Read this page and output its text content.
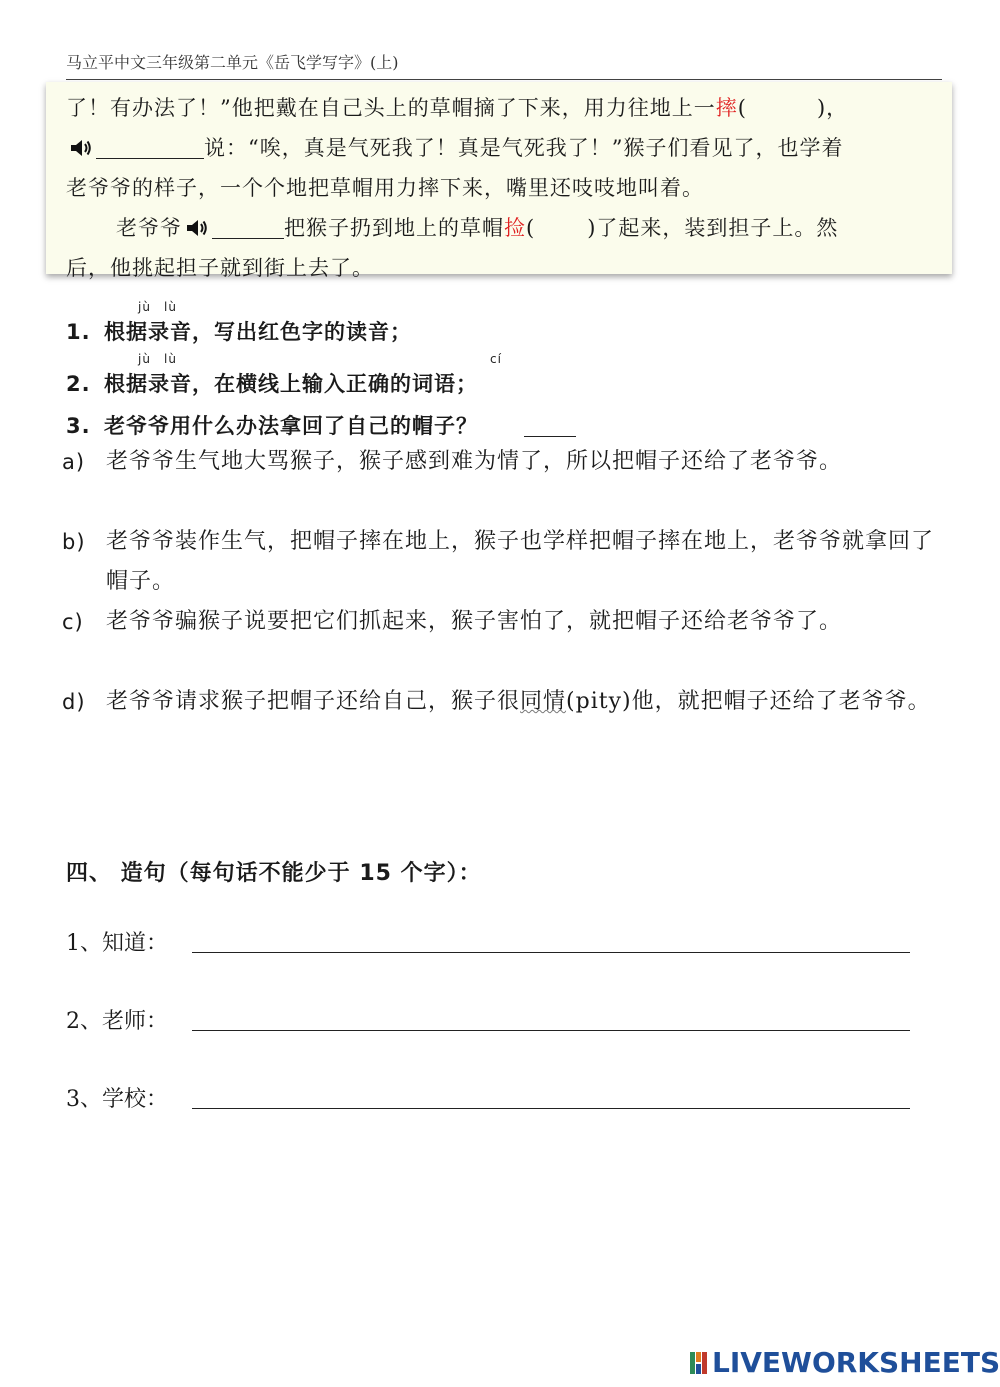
马立平中文三年级第二单元《岳飞学写字》(上)
了！有办法了！”他把戴在自己头上的草帽摘了下来，用力往地上一摔(	)，
说：“唉，真是气死我了！真是气死我了！”猴子们看见了，也学着
老爷爷的样子，一个个地把草帽用力摔下来，嘴里还吱吱地叫着。
老爷爷	把猴子扔到地上的草帽捡( )了起来，装到担子上。然
后，他挑起担子就到街上去了。
jù lù
1. 根据录音，写出红色字的读音；
jù lù	cí
2. 根据录音，在横线上输入正确的词语；
3. 老爷爷用什么办法拿回了自己的帽子？
a) 老爷爷生气地大骂猴子，猴子感到难为情了，所以把帽子还给了老爷爷。
b) 老爷爷装作生气，把帽子摔在地上，猴子也学样把帽子摔在地上，老爷爷就拿回了帽子。
c) 老爷爷骗猴子说要把它们抓起来，猴子害怕了，就把帽子还给老爷爷了。
d) 老爷爷请求猴子把帽子还给自己，猴子很同情(pity)他，就把帽子还给了老爷爷。
四、 造句（每句话不能少于 15 个字）：
1、知道：
2、老师：
3、学校：
LIVEWORKSHEETS
